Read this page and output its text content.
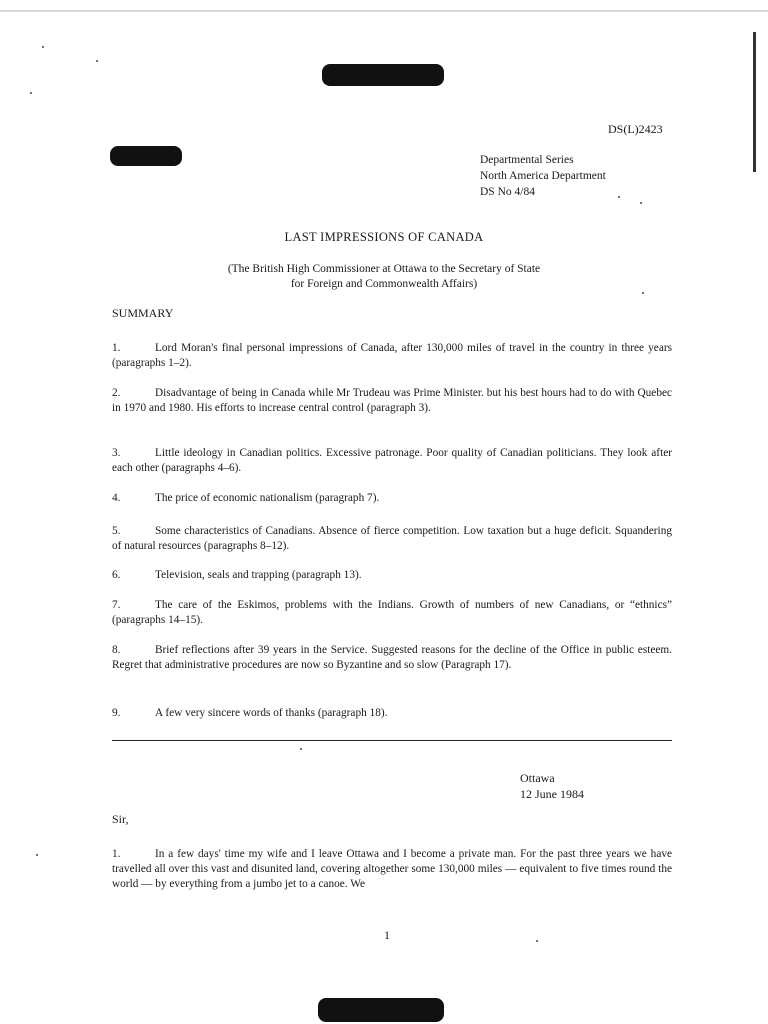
DS(L)2423
Departmental Series
North America Department
DS No 4/84
LAST IMPRESSIONS OF CANADA
(The British High Commissioner at Ottawa to the Secretary of State
for Foreign and Commonwealth Affairs)
SUMMARY
1.	Lord Moran's final personal impressions of Canada, after 130,000 miles of travel in the country in three years (paragraphs 1–2).
2.	Disadvantage of being in Canada while Mr Trudeau was Prime Minister. but his best hours had to do with Quebec in 1970 and 1980. His efforts to increase central control (paragraph 3).
3.	Little ideology in Canadian politics. Excessive patronage. Poor quality of Canadian politicians. They look after each other (paragraphs 4–6).
4.	The price of economic nationalism (paragraph 7).
5.	Some characteristics of Canadians. Absence of fierce competition. Low taxation but a huge deficit. Squandering of natural resources (paragraphs 8–12).
6.	Television, seals and trapping (paragraph 13).
7.	The care of the Eskimos, problems with the Indians. Growth of numbers of new Canadians, or “ethnics” (paragraphs 14–15).
8.	Brief reflections after 39 years in the Service. Suggested reasons for the decline of the Office in public esteem. Regret that administrative procedures are now so Byzantine and so slow (Paragraph 17).
9.	A few very sincere words of thanks (paragraph 18).
Ottawa
12 June 1984
Sir,
1.	In a few days' time my wife and I leave Ottawa and I become a private man. For the past three years we have travelled all over this vast and disunited land, covering altogether some 130,000 miles — equivalent to five times round the world — by everything from a jumbo jet to a canoe. We
1
